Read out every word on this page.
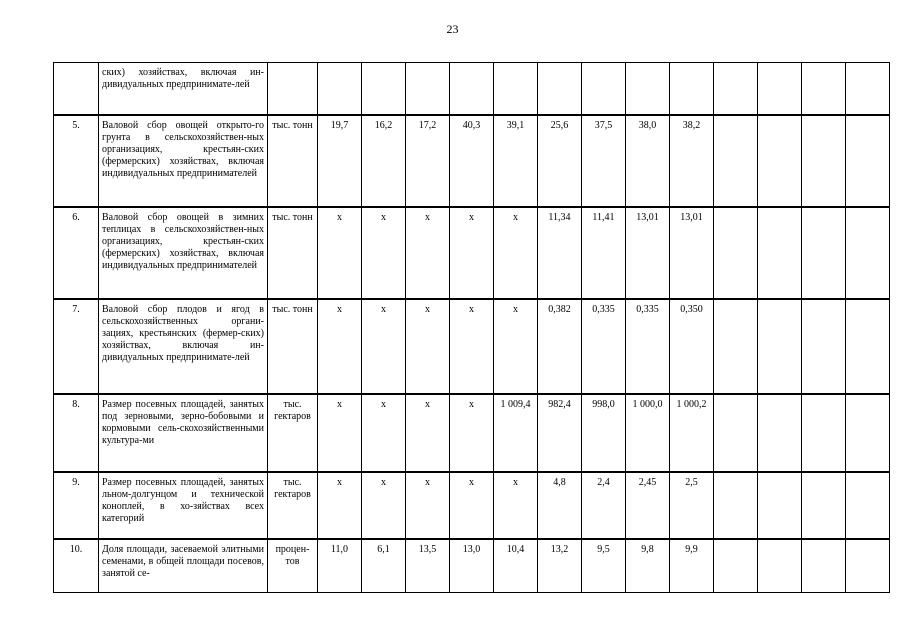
23
	ских) хозяйствах, включая ин-дивидуальных предпринимате-лей														
5.	Валовой сбор овощей открыто-го грунта в сельскохозяйствен-ных организациях, крестьян-ских (фермерских) хозяйствах, включая индивидуальных предпринимателей	тыс. тонн	19,7	16,2	17,2	40,3	39,1	25,6	37,5	38,0	38,2				
6.	Валовой сбор овощей в зимних теплицах в сельскохозяйствен-ных организациях, крестьян-ских (фермерских) хозяйствах, включая индивидуальных предпринимателей	тыс. тонн	x	x	x	x	x	11,34	11,41	13,01	13,01				
7.	Валовой сбор плодов и ягод в сельскохозяйственных органи-зациях, крестьянских (фермер-ских) хозяйствах, включая ин-дивидуальных предпринимате-лей	тыс. тонн	x	x	x	x	x	0,382	0,335	0,335	0,350				
8.	Размер посевных площадей, занятых под зерновыми, зерно-бобовыми и кормовыми сель-скохозяйственными культура-ми	тыс. гектаров	x	x	x	x	1 009,4	982,4	998,0	1 000,0	1 000,2				
9.	Размер посевных площадей, занятых льном-долгунцом и технической коноплей, в хо-зяйствах всех категорий	тыс. гектаров	x	x	x	x	x	4,8	2,4	2,45	2,5				
10.	Доля площади, засеваемой элитными семенами, в общей площади посевов, занятой се-	процен-тов	11,0	6,1	13,5	13,0	10,4	13,2	9,5	9,8	9,9				
